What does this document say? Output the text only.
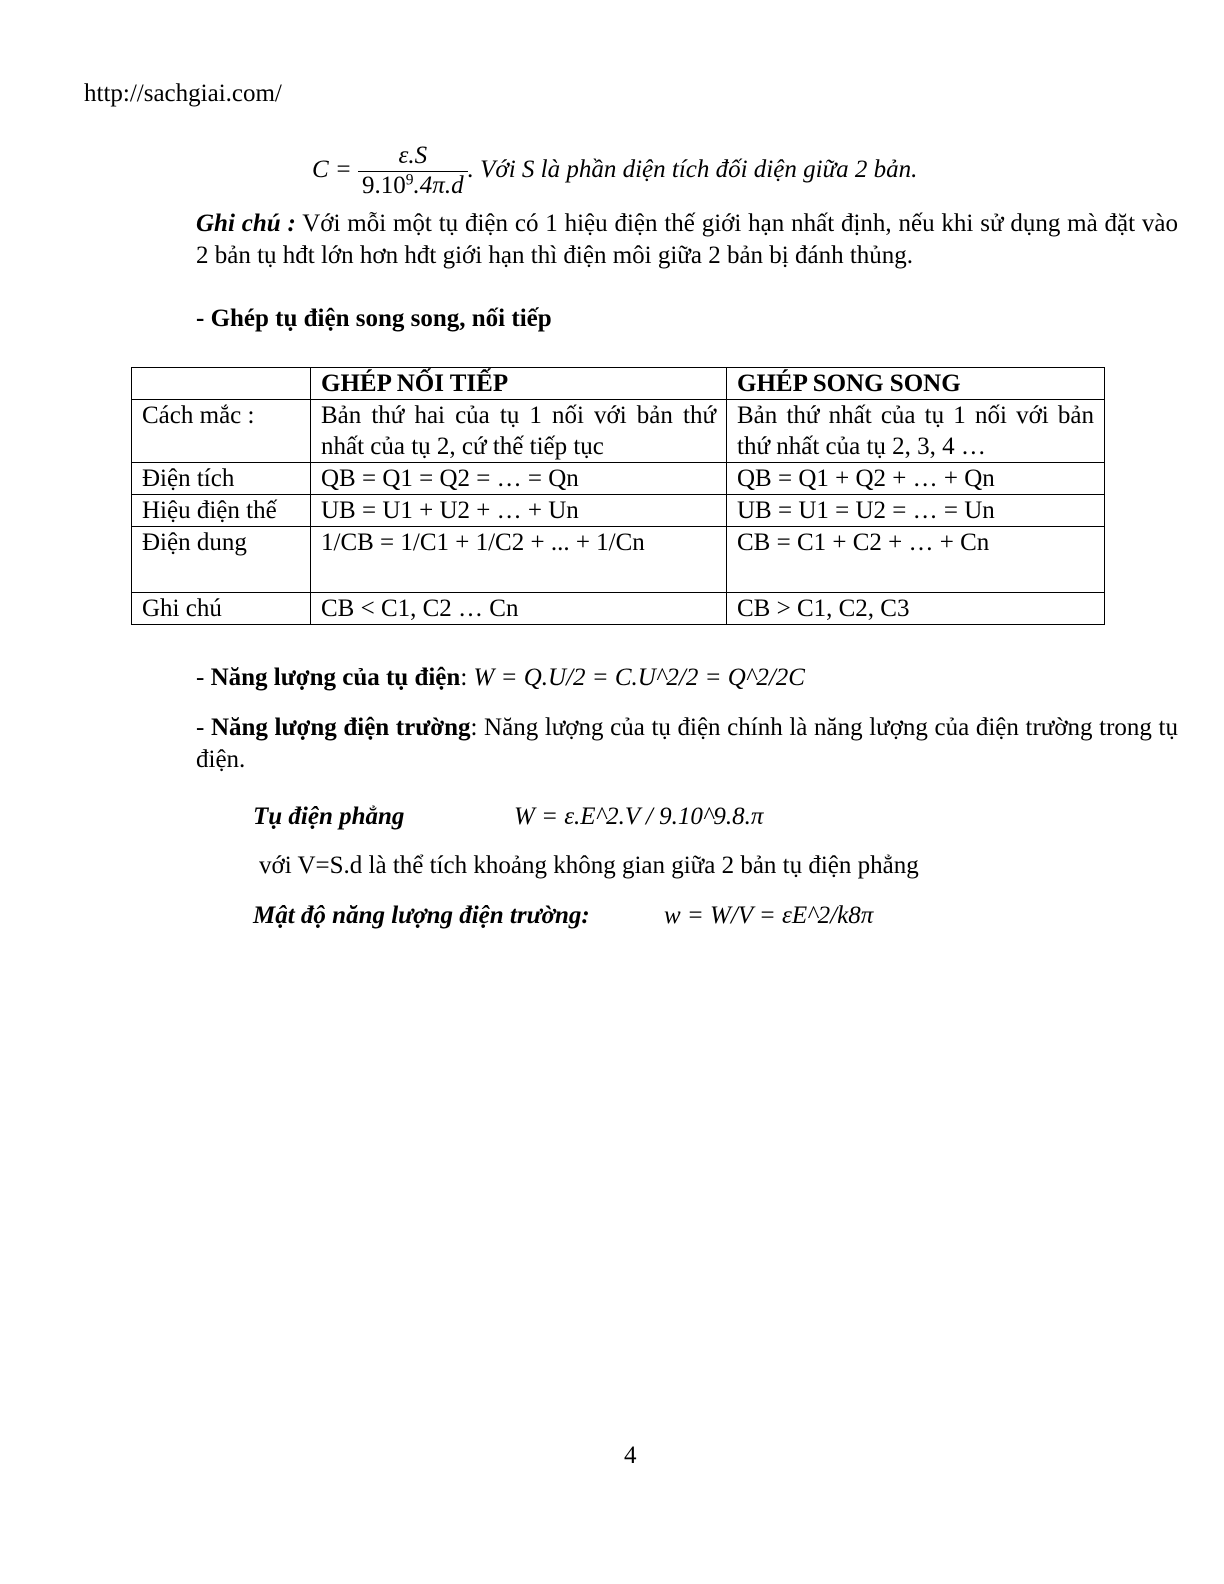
http://sachgiai.com/
$C = \frac{\varepsilon.S}{9.10^9.4\pi.d}$ . Với S là phần diện tích đối diện giữa 2 bản.
Ghi chú : Với mỗi một tụ điện có 1 hiệu điện thế giới hạn nhất định, nếu khi sử dụng mà đặt vào 2 bản tụ hđt lớn hơn hđt giới hạn thì điện môi giữa 2 bản bị đánh thủng.
- Ghép tụ điện song song, nối tiếp
	GHÉP NỐI TIẾP	GHÉP SONG SONG
Cách mắc :	Bản thứ hai của tụ 1 nối với bản thứ nhất của tụ 2, cứ thế tiếp tục	Bản thứ nhất của tụ 1 nối với bản thứ nhất của tụ 2, 3, 4 …
Điện tích	QB = Q1 = Q2 = … = Qn	QB = Q1 + Q2 + … + Qn
Hiệu điện thế	UB = U1 + U2 + … + Un	UB = U1 = U2 = … = Un
Điện dung	1/CB = 1/C1 + 1/C2 + ... + 1/Cn	CB = C1 + C2 + … + Cn
Ghi chú	CB < C1, C2 … Cn	CB > C1, C2, C3
- Năng lượng của tụ điện: W = Q.U/2 = C.U^2/2 = Q^2/2C
- Năng lượng điện trường: Năng lượng của tụ điện chính là năng lượng của điện trường trong tụ điện.
Tụ điện phẳng	W = ε.E^2.V / 9.10^9.8.π
với V=S.d là thể tích khoảng không gian giữa 2 bản tụ điện phẳng
Mật độ năng lượng điện trường:	w = W/V = εE^2/k8π
4
